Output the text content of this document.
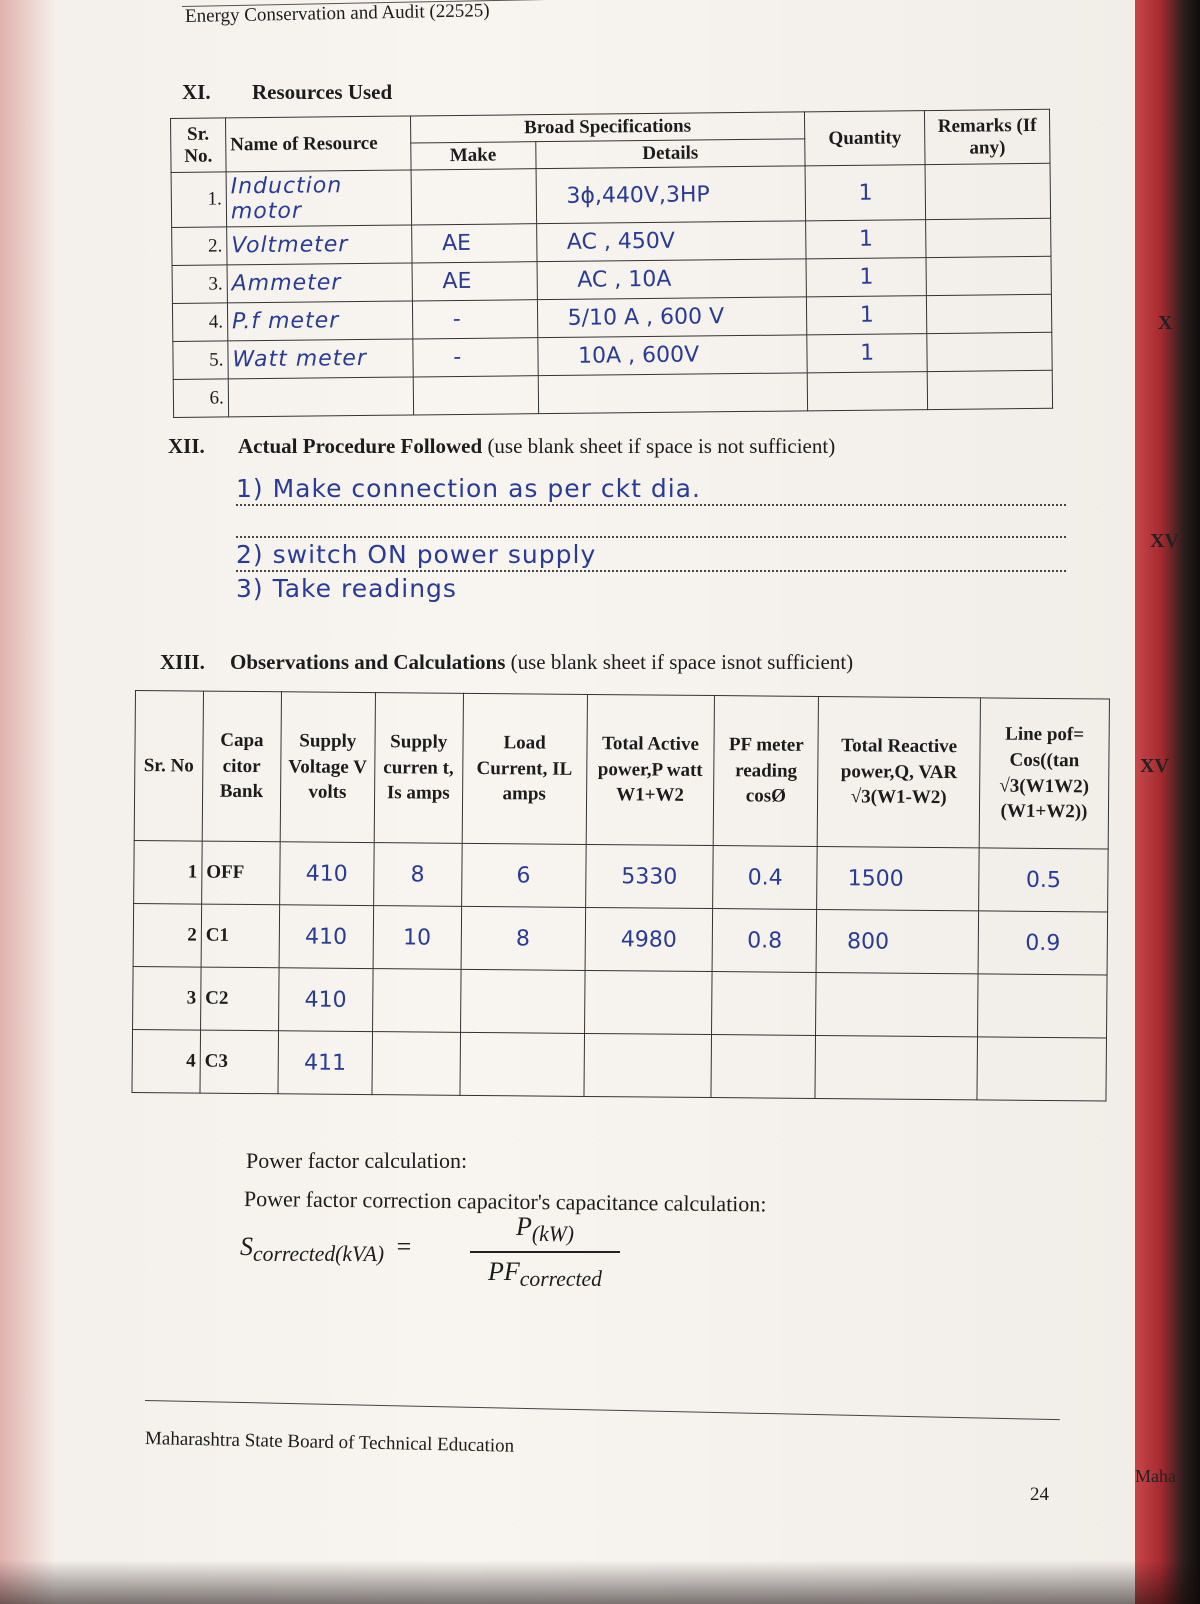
X
XV
XV
Maha
Energy Conservation and Audit (22525)
XI. Resources Used
Sr. No.	Name of Resource	Broad Specifications		Quantity	Remarks (If any)
		Make	Details		
1.	Induction motor		3ϕ,440V,3HP	1	
2.	Voltmeter	AE	AC , 450V	1	
3.	Ammeter	AE	AC , 10A	1	
4.	P.f meter	-	5/10 A , 600 V	1	
5.	Watt meter	-	10A , 600V	1	
6.					
XII. Actual Procedure Followed (use blank sheet if space is not sufficient)
1) Make connection as per ckt dia.
2) switch ON power supply
3) Take readings
XIII. Observations and Calculations (use blank sheet if space isnot sufficient)
Sr. No	Capa citor Bank	Supply Voltage V volts	Supply curren t, Is amps	Load Current, IL amps	Total Active power,P watt W1+W2	PF meter reading cosØ	Total Reactive power,Q, VAR √3(W1-W2)	Line pof= Cos((tan √3(W1W2) (W1+W2))
1	OFF	410	8	6	5330	0.4	1500	0.5
2	C1	410	10	8	4980	0.8	800	0.9
3	C2	410						
4	C3	411						
Power factor calculation:
Power factor correction capacitor's capacitance calculation:
$S_{corrected(kVA)}$ =
$P_{(kW)}$
$PF_{corrected}$
Maharashtra State Board of Technical Education
24
